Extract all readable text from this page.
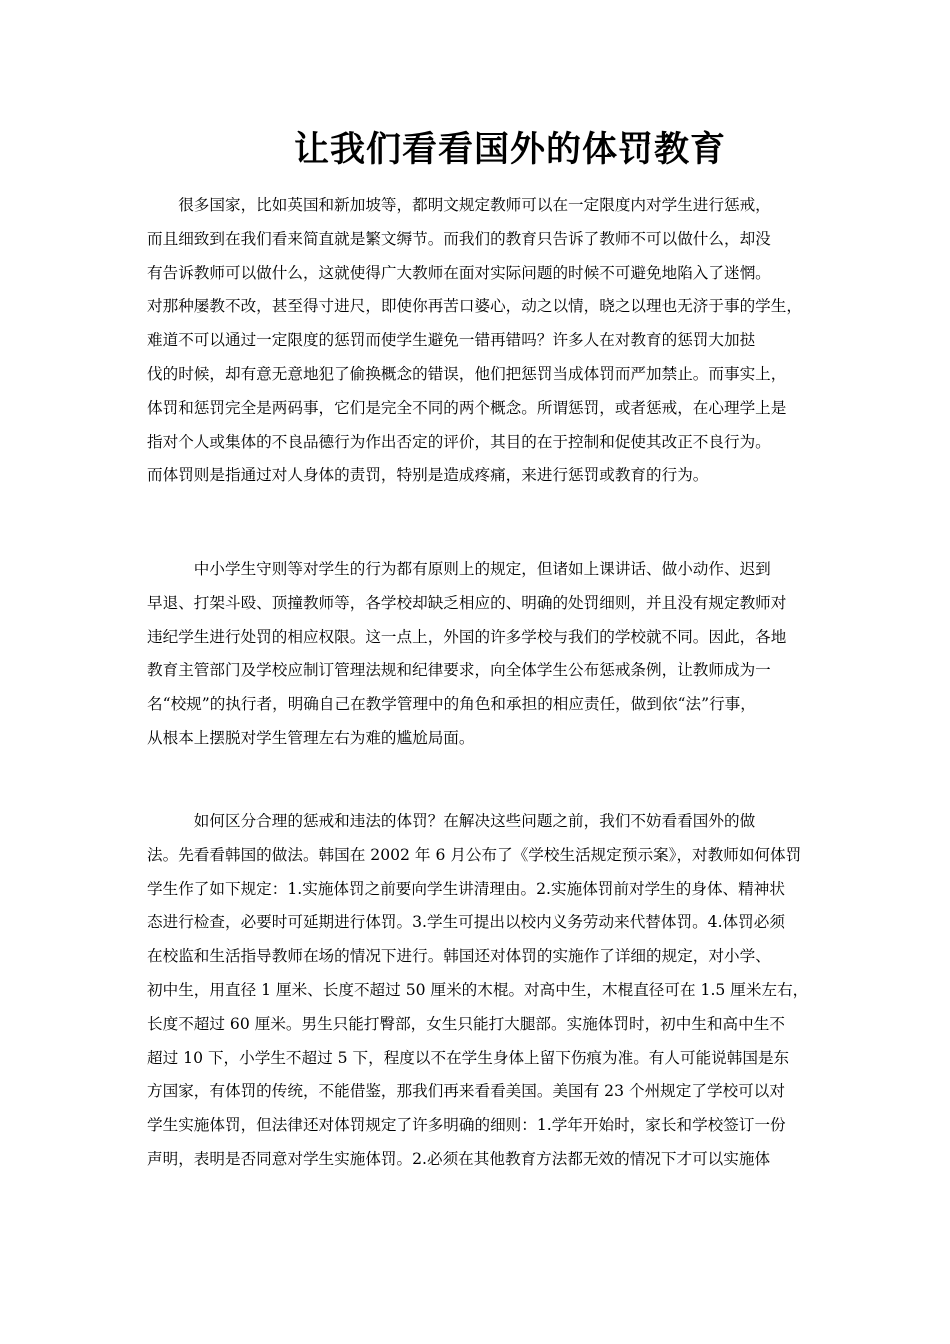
让我们看看国外的体罚教育
　　很多国家，比如英国和新加坡等，都明文规定教师可以在一定限度内对学生进行惩戒，
而且细致到在我们看来简直就是繁文缛节。而我们的教育只告诉了教师不可以做什么，却没
有告诉教师可以做什么，这就使得广大教师在面对实际问题的时候不可避免地陷入了迷惘。
对那种屡教不改，甚至得寸进尺，即使你再苦口婆心，动之以情，晓之以理也无济于事的学生，
难道不可以通过一定限度的惩罚而使学生避免一错再错吗？许多人在对教育的惩罚大加挞
伐的时候，却有意无意地犯了偷换概念的错误，他们把惩罚当成体罚而严加禁止。而事实上，
体罚和惩罚完全是两码事，它们是完全不同的两个概念。所谓惩罚，或者惩戒，在心理学上是
指对个人或集体的不良品德行为作出否定的评价，其目的在于控制和促使其改正不良行为。
而体罚则是指通过对人身体的责罚，特别是造成疼痛，来进行惩罚或教育的行为。
　　　中小学生守则等对学生的行为都有原则上的规定，但诸如上课讲话、做小动作、迟到
早退、打架斗殴、顶撞教师等，各学校却缺乏相应的、明确的处罚细则，并且没有规定教师对
违纪学生进行处罚的相应权限。这一点上，外国的许多学校与我们的学校就不同。因此，各地
教育主管部门及学校应制订管理法规和纪律要求，向全体学生公布惩戒条例，让教师成为一
名“校规”的执行者，明确自己在教学管理中的角色和承担的相应责任，做到依“法”行事，
从根本上摆脱对学生管理左右为难的尴尬局面。
　　　如何区分合理的惩戒和违法的体罚？在解决这些问题之前，我们不妨看看国外的做
法。先看看韩国的做法。韩国在 2002 年 6 月公布了《学校生活规定预示案》，对教师如何体罚
学生作了如下规定：1.实施体罚之前要向学生讲清理由。2.实施体罚前对学生的身体、精神状
态进行检查，必要时可延期进行体罚。3.学生可提出以校内义务劳动来代替体罚。4.体罚必须
在校监和生活指导教师在场的情况下进行。韩国还对体罚的实施作了详细的规定，对小学、
初中生，用直径 1 厘米、长度不超过 50 厘米的木棍。对高中生，木棍直径可在 1.5 厘米左右，
长度不超过 60 厘米。男生只能打臀部，女生只能打大腿部。实施体罚时，初中生和高中生不
超过 10 下，小学生不超过 5 下，程度以不在学生身体上留下伤痕为准。有人可能说韩国是东
方国家，有体罚的传统，不能借鉴，那我们再来看看美国。美国有 23 个州规定了学校可以对
学生实施体罚，但法律还对体罚规定了许多明确的细则：1.学年开始时，家长和学校签订一份
声明，表明是否同意对学生实施体罚。2.必须在其他教育方法都无效的情况下才可以实施体
